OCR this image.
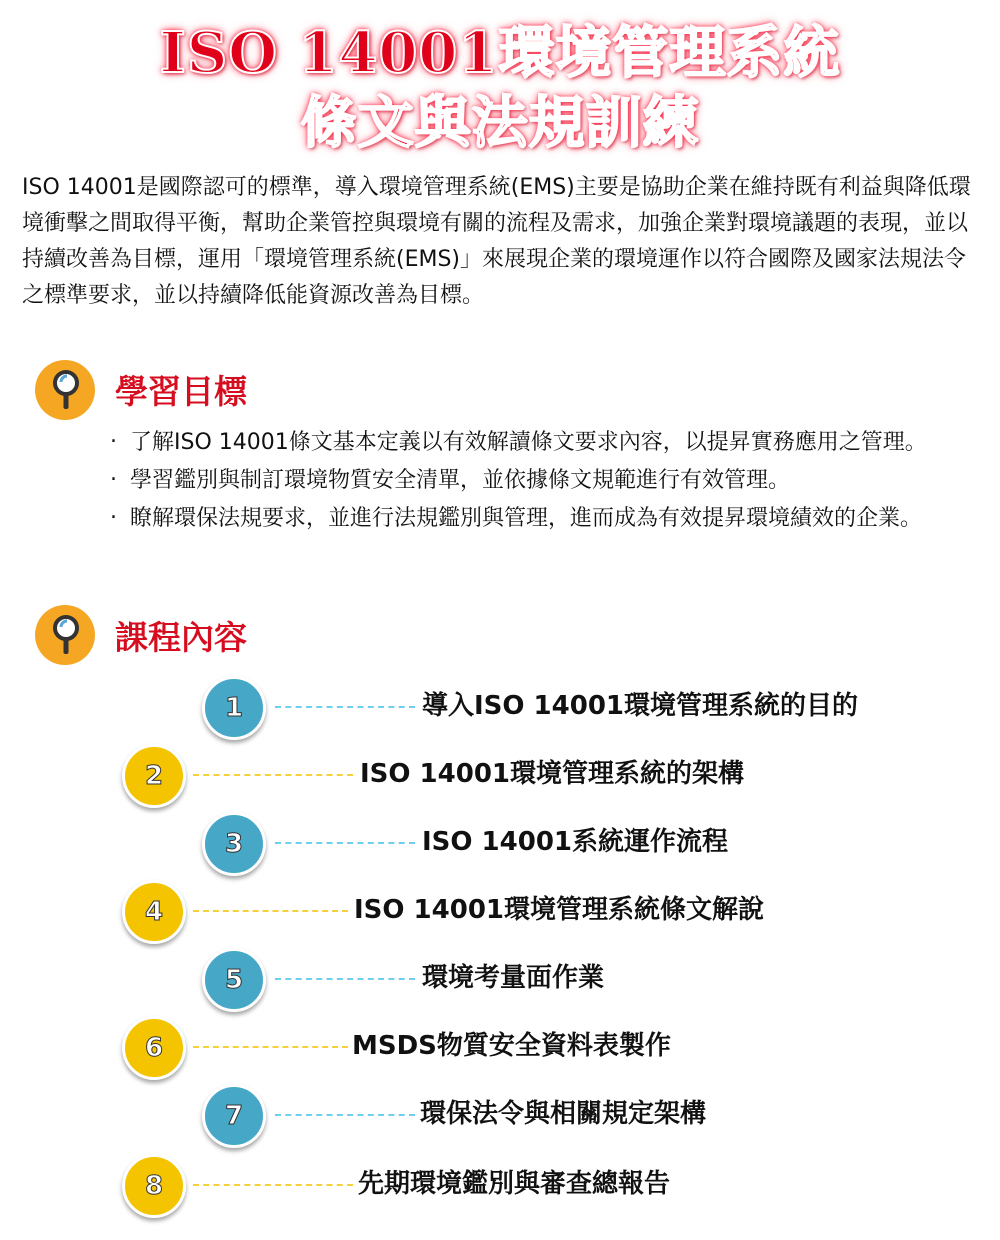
ISO 14001環境管理系統
條文與法規訓練

ISO 14001是國際認可的標準，導入環境管理系統(EMS)主要是協助企業在維持既有利益與降低環境衝擊之間取得平衡，幫助企業管控與環境有關的流程及需求，加強企業對環境議題的表現，並以持續改善為目標，運用「環境管理系統(EMS)」來展現企業的環境運作以符合國際及國家法規法令之標準要求，並以持續降低能資源改善為目標。

學習目標
‧ 了解ISO 14001條文基本定義以有效解讀條文要求內容，以提昇實務應用之管理。
‧ 學習鑑別與制訂環境物質安全清單，並依據條文規範進行有效管理。
‧ 瞭解環保法規要求，並進行法規鑑別與管理，進而成為有效提昇環境績效的企業。
課程內容
1	導入ISO 14001環境管理系統的目的
2	ISO 14001環境管理系統的架構
3	ISO 14001系統運作流程
4	ISO 14001環境管理系統條文解說
5	環境考量面作業
6	MSDS物質安全資料表製作
7	環保法令與相關規定架構
8	先期環境鑑別與審查總報告
